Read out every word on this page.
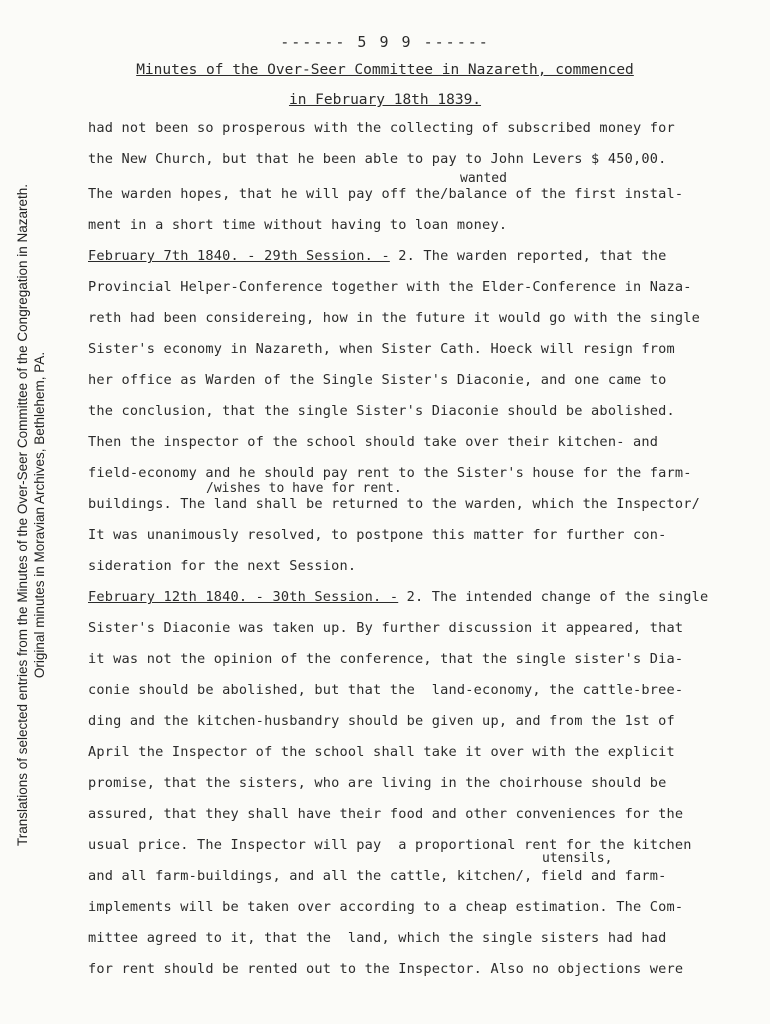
Translations of selected entries from the Minutes of the Over-Seer Committee of the Congregation in Nazareth. Original minutes in Moravian Archives, Bethlehem, PA.
------ 5 9 9 ------
Minutes of the Over-Seer Committee in Nazareth, commenced
in February 18th 1839.
had not been so prosperous with the collecting of subscribed money for
the New Church, but that he been able to pay to John Levers $ 450,00.
wanted
The warden hopes, that he will pay off the/balance of the first instal-
ment in a short time without having to loan money.
February 7th 1840. - 29th Session. - 2. The warden reported, that the
Provincial Helper-Conference together with the Elder-Conference in Naza-
reth had been considereing, how in the future it would go with the single
Sister's economy in Nazareth, when Sister Cath. Hoeck will resign from
her office as Warden of the Single Sister's Diaconie, and one came to
the conclusion, that the single Sister's Diaconie should be abolished.
Then the inspector of the school should take over their kitchen- and
field-economy and he should pay rent to the Sister's house for the farm-
/wishes to have for rent.
buildings. The land shall be returned to the warden, which the Inspector/
It was unanimously resolved, to postpone this matter for further con-
sideration for the next Session.
February 12th 1840. - 30th Session. - 2. The intended change of the single
Sister's Diaconie was taken up. By further discussion it appeared, that
it was not the opinion of the conference, that the single sister's Dia-
conie should be abolished, but that the  land-economy, the cattle-bree-
ding and the kitchen-husbandry should be given up, and from the 1st of
April the Inspector of the school shall take it over with the explicit
promise, that the sisters, who are living in the choirhouse should be
assured, that they shall have their food and other conveniences for the
usual price. The Inspector will pay  a proportional rent for the kitchen
utensils,
and all farm-buildings, and all the cattle, kitchen/, field and farm-
implements will be taken over according to a cheap estimation. The Com-
mittee agreed to it, that the  land, which the single sisters had had
for rent should be rented out to the Inspector. Also no objections were
